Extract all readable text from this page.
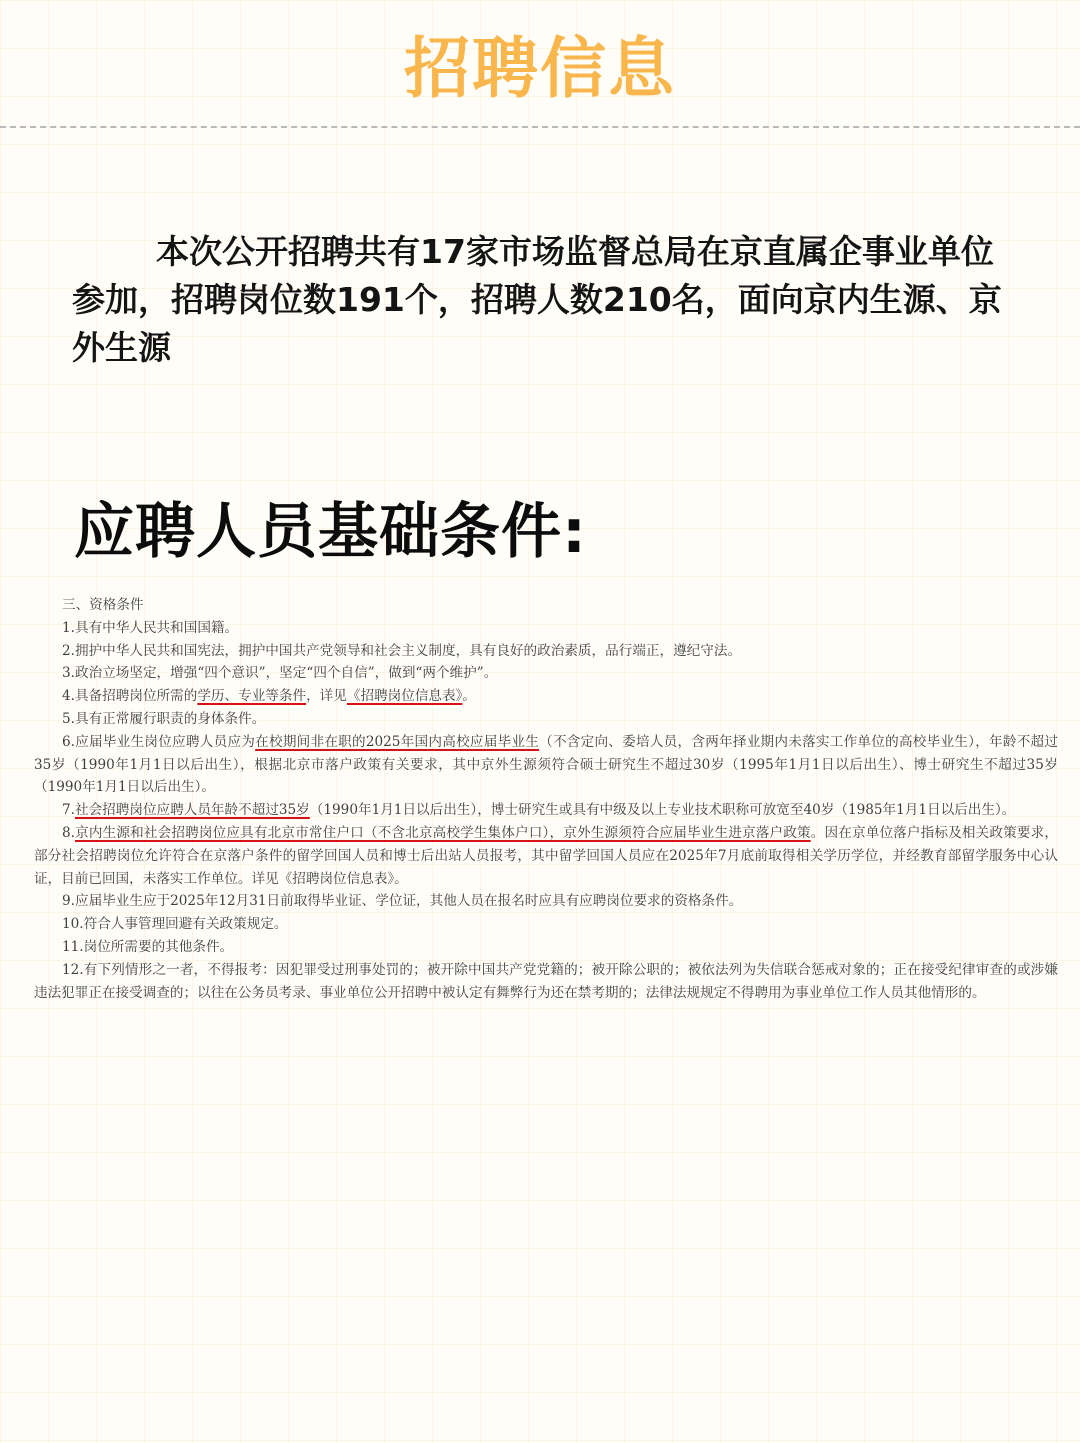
招聘信息

本次公开招聘共有17家市场监督总局在京直属企事业单位参加，招聘岗位数191个，招聘人数210名，面向京内生源、京外生源

应聘人员基础条件:

三、资格条件

1.具有中华人民共和国国籍。

2.拥护中华人民共和国宪法，拥护中国共产党领导和社会主义制度，具有良好的政治素质，品行端正，遵纪守法。

3.政治立场坚定，增强“四个意识”，坚定“四个自信”，做到“两个维护”。

4.具备招聘岗位所需的学历、专业等条件，详见《招聘岗位信息表》。

5.具有正常履行职责的身体条件。

6.应届毕业生岗位应聘人员应为在校期间非在职的2025年国内高校应届毕业生（不含定向、委培人员，含两年择业期内未落实工作单位的高校毕业生），年龄不超过35岁（1990年1月1日以后出生），根据北京市落户政策有关要求，其中京外生源须符合硕士研究生不超过30岁（1995年1月1日以后出生）、博士研究生不超过35岁（1990年1月1日以后出生）。

7.社会招聘岗位应聘人员年龄不超过35岁（1990年1月1日以后出生），博士研究生或具有中级及以上专业技术职称可放宽至40岁（1985年1月1日以后出生）。

8.京内生源和社会招聘岗位应具有北京市常住户口（不含北京高校学生集体户口），京外生源须符合应届毕业生进京落户政策。因在京单位落户指标及相关政策要求，部分社会招聘岗位允许符合在京落户条件的留学回国人员和博士后出站人员报考，其中留学回国人员应在2025年7月底前取得相关学历学位，并经教育部留学服务中心认证，目前已回国，未落实工作单位。详见《招聘岗位信息表》。

9.应届毕业生应于2025年12月31日前取得毕业证、学位证，其他人员在报名时应具有应聘岗位要求的资格条件。

10.符合人事管理回避有关政策规定。

11.岗位所需要的其他条件。

12.有下列情形之一者，不得报考：因犯罪受过刑事处罚的；被开除中国共产党党籍的；被开除公职的；被依法列为失信联合惩戒对象的；正在接受纪律审查的或涉嫌违法犯罪正在接受调查的；以往在公务员考录、事业单位公开招聘中被认定有舞弊行为还在禁考期的；法律法规规定不得聘用为事业单位工作人员其他情形的。
